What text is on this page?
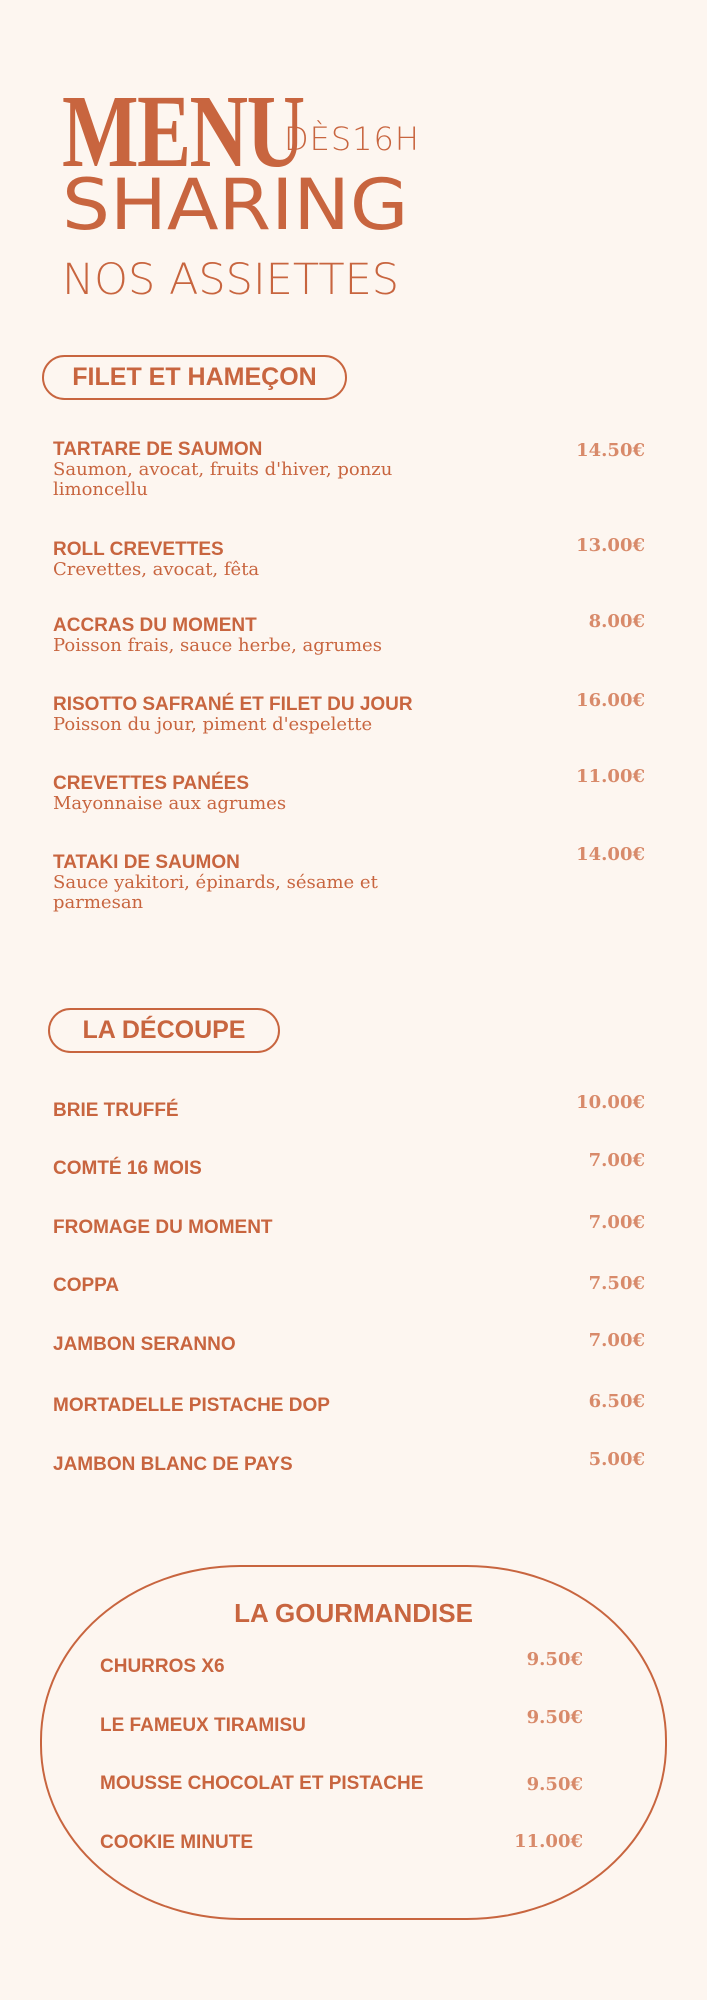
MENU
DÈS16H
SHARING
NOS ASSIETTES
FILET ET HAMEÇON
TARTARE DE SAUMON
Saumon, avocat, fruits d'hiver, ponzu limoncellu
14.50€
ROLL CREVETTES
Crevettes, avocat, fêta
13.00€
ACCRAS DU MOMENT
Poisson frais, sauce herbe, agrumes
8.00€
RISOTTO SAFRANÉ ET FILET DU JOUR
Poisson du jour, piment d'espelette
16.00€
CREVETTES PANÉES
Mayonnaise aux agrumes
11.00€
TATAKI DE SAUMON
Sauce yakitori, épinards, sésame et parmesan
14.00€
LA DÉCOUPE
BRIE TRUFFÉ	10.00€
COMTÉ 16 MOIS	7.00€
FROMAGE DU MOMENT	7.00€
COPPA	7.50€
JAMBON SERANNO	7.00€
MORTADELLE PISTACHE DOP	6.50€
JAMBON BLANC DE PAYS	5.00€
LA GOURMANDISE
CHURROS X6	9.50€
LE FAMEUX TIRAMISU	9.50€
MOUSSE CHOCOLAT ET PISTACHE	9.50€
COOKIE MINUTE	11.00€
